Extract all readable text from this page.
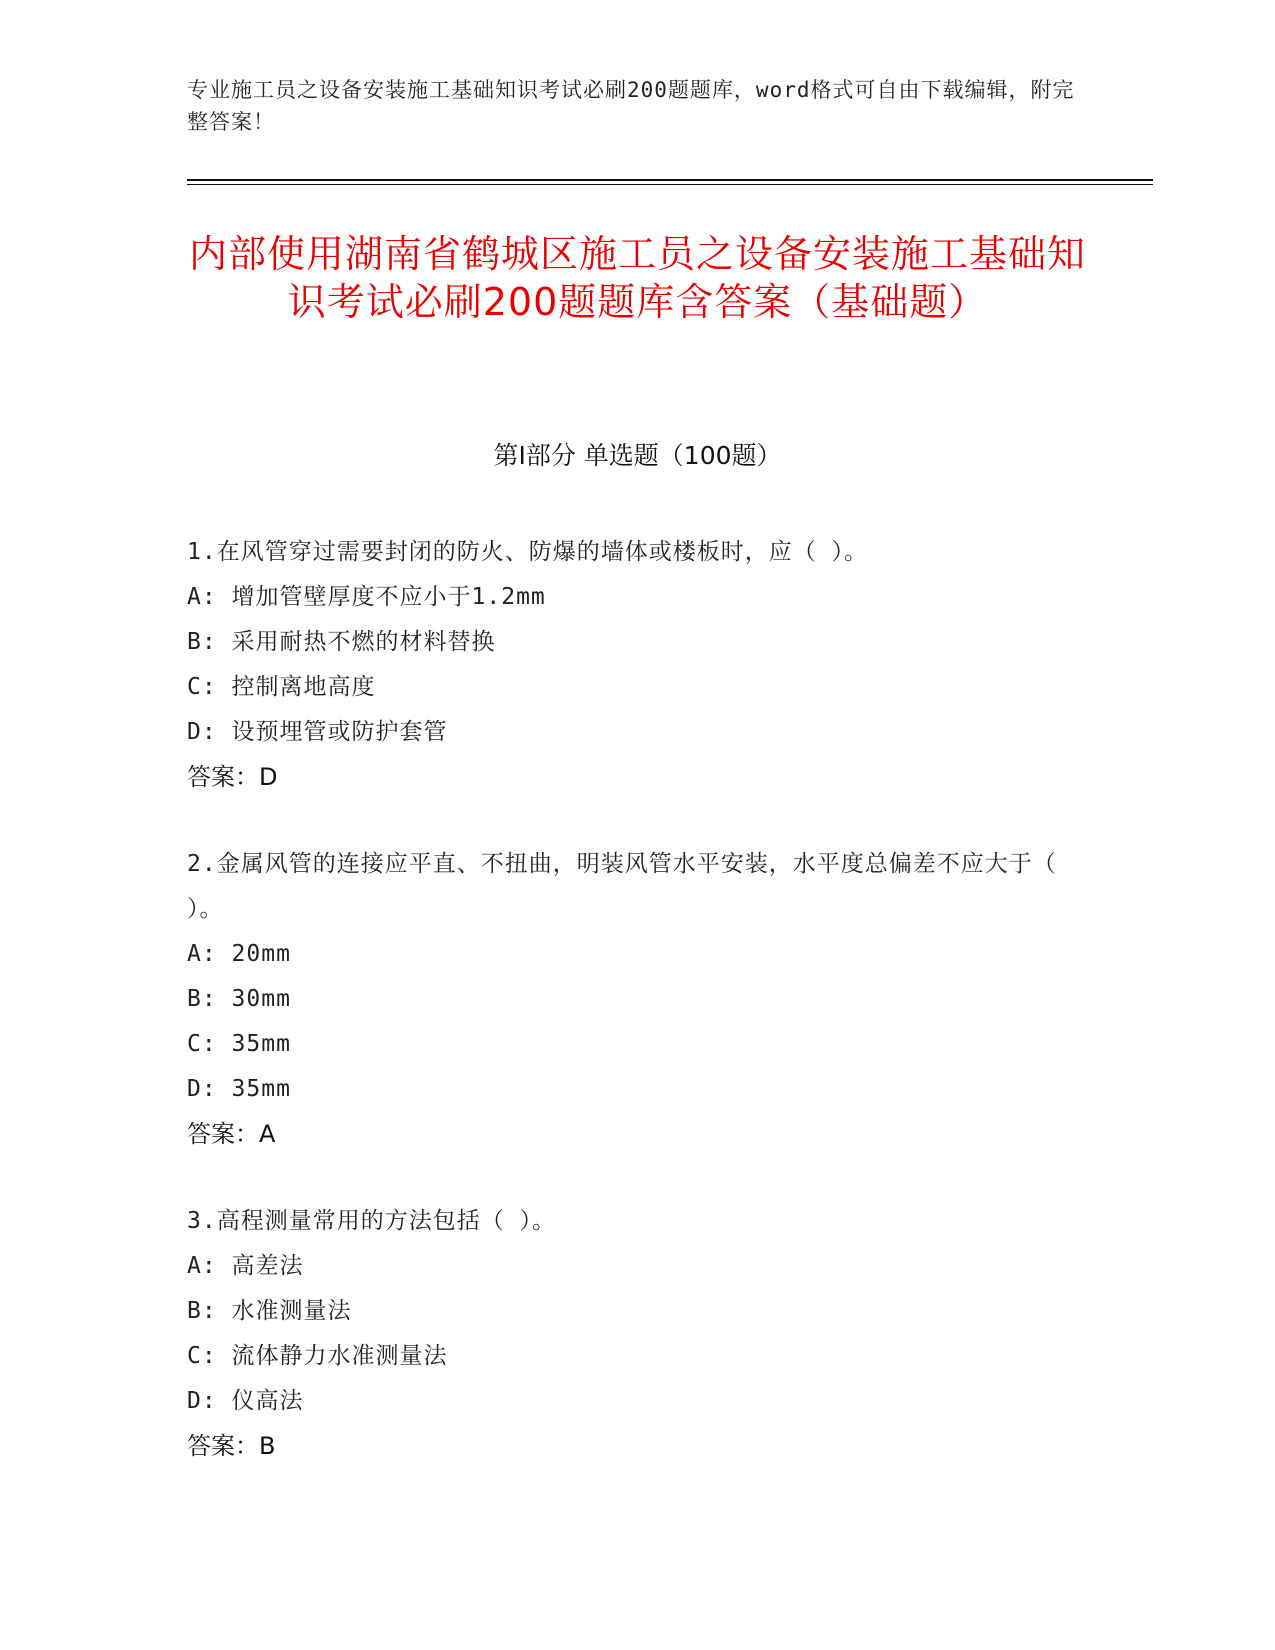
专业施工员之设备安装施工基础知识考试必刷200题题库，word格式可自由下载编辑，附完整答案！
内部使用湖南省鹤城区施工员之设备安装施工基础知识考试必刷200题题库含答案（基础题）
第Ⅰ部分 单选题（100题）
1.在风管穿过需要封闭的防火、防爆的墙体或楼板时，应（ ）。
A: 增加管壁厚度不应小于1.2mm
B: 采用耐热不燃的材料替换
C: 控制离地高度
D: 设预埋管或防护套管
答案：D
2.金属风管的连接应平直、不扭曲，明装风管水平安装，水平度总偏差不应大于（ ）。
A: 20mm
B: 30mm
C: 35mm
D: 35mm
答案：A
3.高程测量常用的方法包括（ ）。
A: 高差法
B: 水准测量法
C: 流体静力水准测量法
D: 仪高法
答案：B
